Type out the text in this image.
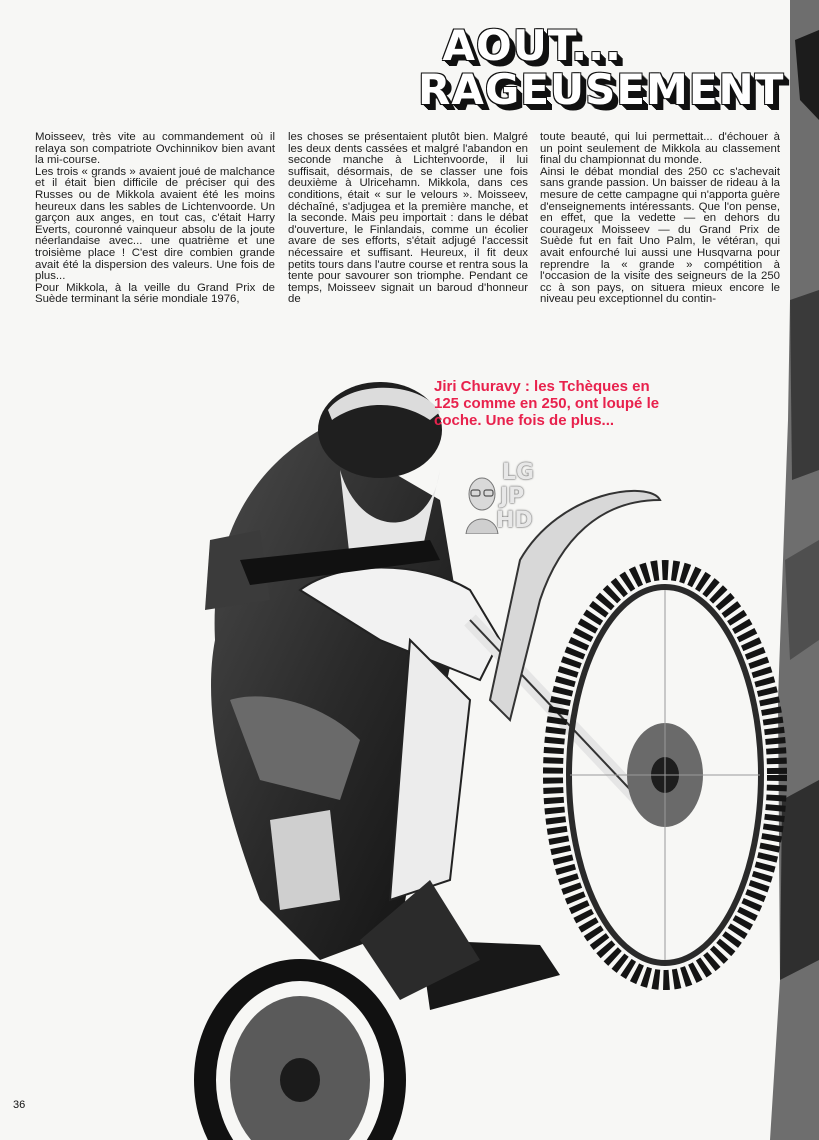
AOUT...
RAGEUSEMENT

Moisseev, très vite au commandement où il relaya son compatriote Ovchinnikov bien avant la mi-course.

Les trois « grands » avaient joué de malchance et il était bien difficile de préciser qui des Russes ou de Mikkola avaient été les moins heureux dans les sables de Lichtenvoorde. Un garçon aux anges, en tout cas, c'était Harry Everts, couronné vainqueur absolu de la joute néerlandaise avec... une quatrième et une troisième place ! C'est dire combien grande avait été la dispersion des valeurs. Une fois de plus...

Pour Mikkola, à la veille du Grand Prix de Suède terminant la série mondiale 1976,

les choses se présentaient plutôt bien. Malgré les deux dents cassées et malgré l'abandon en seconde manche à Lichtenvoorde, il lui suffisait, désormais, de se classer une fois deuxième à Ulricehamn. Mikkola, dans ces conditions, était « sur le velours ». Moisseev, déchaîné, s'adjugea et la première manche, et la seconde. Mais peu importait : dans le débat d'ouverture, le Finlandais, comme un écolier avare de ses efforts, s'était adjugé l'accessit nécessaire et suffisant. Heureux, il fit deux petits tours dans l'autre course et rentra sous la tente pour savourer son triomphe. Pendant ce temps, Moisseev signait un baroud d'honneur de

toute beauté, qui lui permettait... d'échouer à un point seulement de Mikkola au classement final du championnat du monde.

Ainsi le débat mondial des 250 cc s'achevait sans grande passion. Un baisser de rideau à la mesure de cette campagne qui n'apporta guère d'enseignements intéressants. Que l'on pense, en effet, que la vedette — en dehors du courageux Moisseev — du Grand Prix de Suède fut en fait Uno Palm, le vétéran, qui avait enfourché lui aussi une Husqvarna pour reprendre la « grande » compétition à l'occasion de la visite des seigneurs de la 250 cc à son pays, on situera mieux encore le niveau peu exceptionnel du contin-

Jiri Churavy : les Tchèques en 125 comme en 250, ont loupé le coche. Une fois de plus...
LG
JP
HD
36
